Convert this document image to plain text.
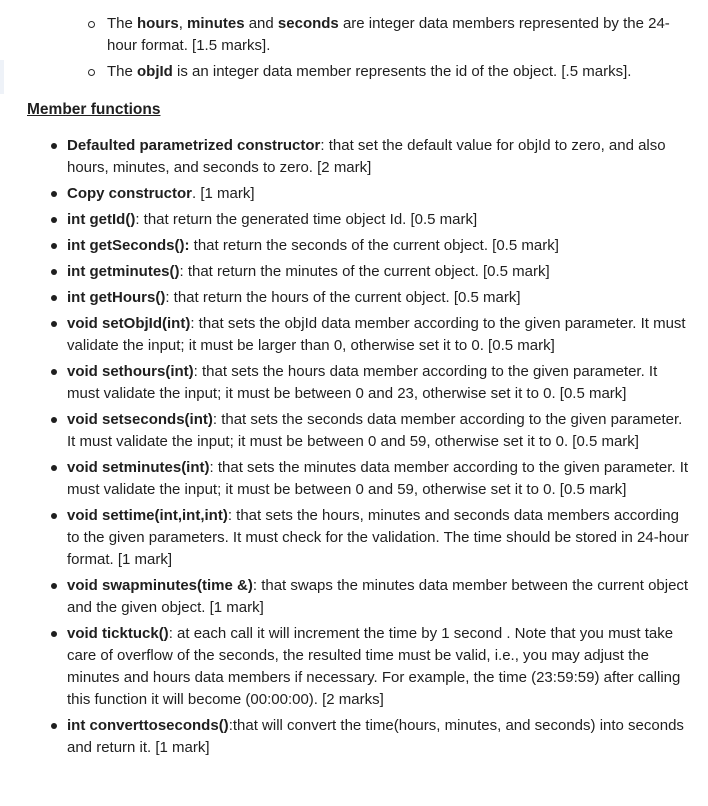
The hours, minutes and seconds are integer data members represented by the 24-hour format. [1.5 marks].
The objId is an integer data member represents the id of the object. [.5 marks].
Member functions
Defaulted parametrized constructor: that set the default value for objId to zero, and also hours, minutes, and seconds to zero. [2 mark]
Copy constructor. [1 mark]
int getId(): that return the generated time object Id. [0.5 mark]
int getSeconds(): that return the seconds of the current object. [0.5 mark]
int getminutes(): that return the minutes of the current object. [0.5 mark]
int getHours(): that return the hours of the current object. [0.5 mark]
void setObjId(int): that sets the objId data member according to the given parameter. It must validate the input; it must be larger than 0, otherwise set it to 0. [0.5 mark]
void sethours(int): that sets the hours data member according to the given parameter. It must validate the input; it must be between 0 and 23, otherwise set it to 0. [0.5 mark]
void setseconds(int): that sets the seconds data member according to the given parameter. It must validate the input; it must be between 0 and 59, otherwise set it to 0. [0.5 mark]
void setminutes(int): that sets the minutes data member according to the given parameter. It must validate the input; it must be between 0 and 59, otherwise set it to 0. [0.5 mark]
void settime(int,int,int): that sets the hours, minutes and seconds data members according to the given parameters. It must check for the validation. The time should be stored in 24-hour format. [1 mark]
void swapminutes(time &): that swaps the minutes data member between the current object and the given object. [1 mark]
void ticktuck(): at each call it will increment the time by 1 second . Note that you must take care of overflow of the seconds, the resulted time must be valid, i.e., you may adjust the minutes and hours data members if necessary. For example, the time (23:59:59) after calling this function it will become (00:00:00). [2 marks]
int converttoseconds():that will convert the time(hours, minutes, and seconds) into seconds and return it. [1 mark]
